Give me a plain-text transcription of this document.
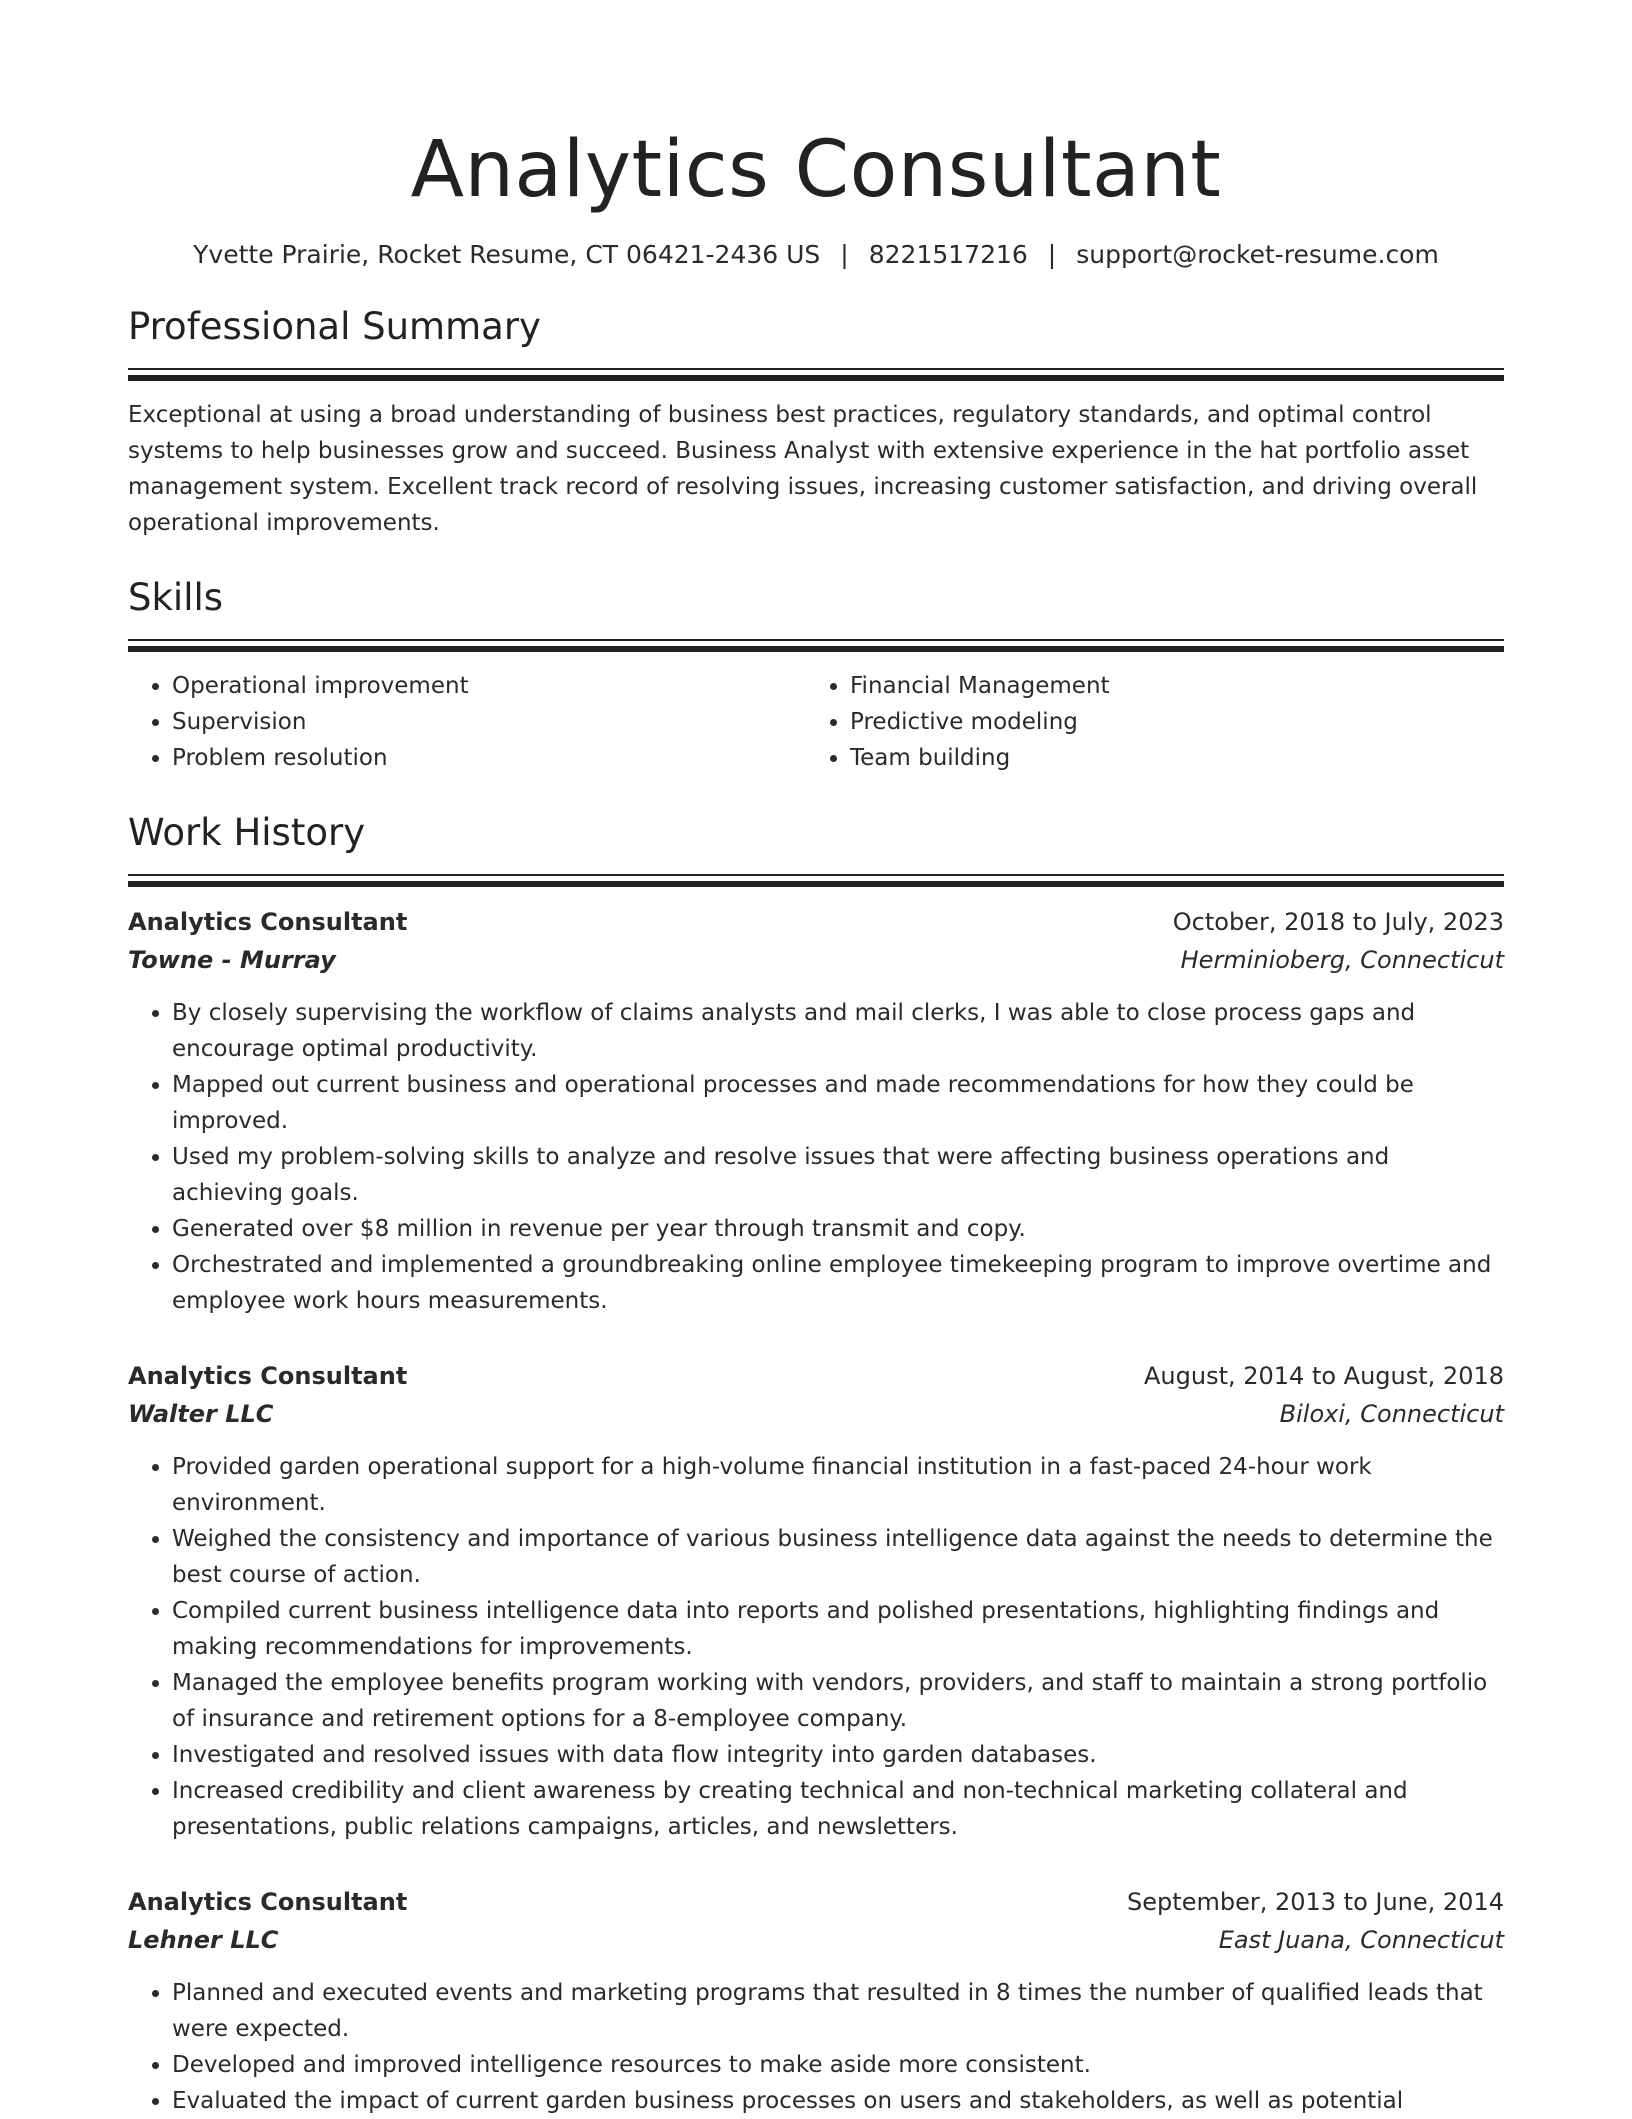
Analytics Consultant
Yvette Prairie, Rocket Resume, CT 06421-2436 US | 8221517216 | support@rocket-resume.com
Professional Summary
Exceptional at using a broad understanding of business best practices, regulatory standards, and optimal control systems to help businesses grow and succeed. Business Analyst with extensive experience in the hat portfolio asset management system. Excellent track record of resolving issues, increasing customer satisfaction, and driving overall operational improvements.
Skills
• Operational improvement
• Supervision
• Problem resolution
• Financial Management
• Predictive modeling
• Team building
Work History
Analytics Consultant	October, 2018 to July, 2023
Towne - Murray	Herminioberg, Connecticut
• By closely supervising the workflow of claims analysts and mail clerks, I was able to close process gaps and encourage optimal productivity.
• Mapped out current business and operational processes and made recommendations for how they could be improved.
• Used my problem-solving skills to analyze and resolve issues that were affecting business operations and achieving goals.
• Generated over $8 million in revenue per year through transmit and copy.
• Orchestrated and implemented a groundbreaking online employee timekeeping program to improve overtime and employee work hours measurements.
Analytics Consultant	August, 2014 to August, 2018
Walter LLC	Biloxi, Connecticut
• Provided garden operational support for a high-volume financial institution in a fast-paced 24-hour work environment.
• Weighed the consistency and importance of various business intelligence data against the needs to determine the best course of action.
• Compiled current business intelligence data into reports and polished presentations, highlighting findings and making recommendations for improvements.
• Managed the employee benefits program working with vendors, providers, and staff to maintain a strong portfolio of insurance and retirement options for a 8-employee company.
• Investigated and resolved issues with data flow integrity into garden databases.
• Increased credibility and client awareness by creating technical and non-technical marketing collateral and presentations, public relations campaigns, articles, and newsletters.
Analytics Consultant	September, 2013 to June, 2014
Lehner LLC	East Juana, Connecticut
• Planned and executed events and marketing programs that resulted in 8 times the number of qualified leads that were expected.
• Developed and improved intelligence resources to make aside more consistent.
• Evaluated the impact of current garden business processes on users and stakeholders, as well as potential
